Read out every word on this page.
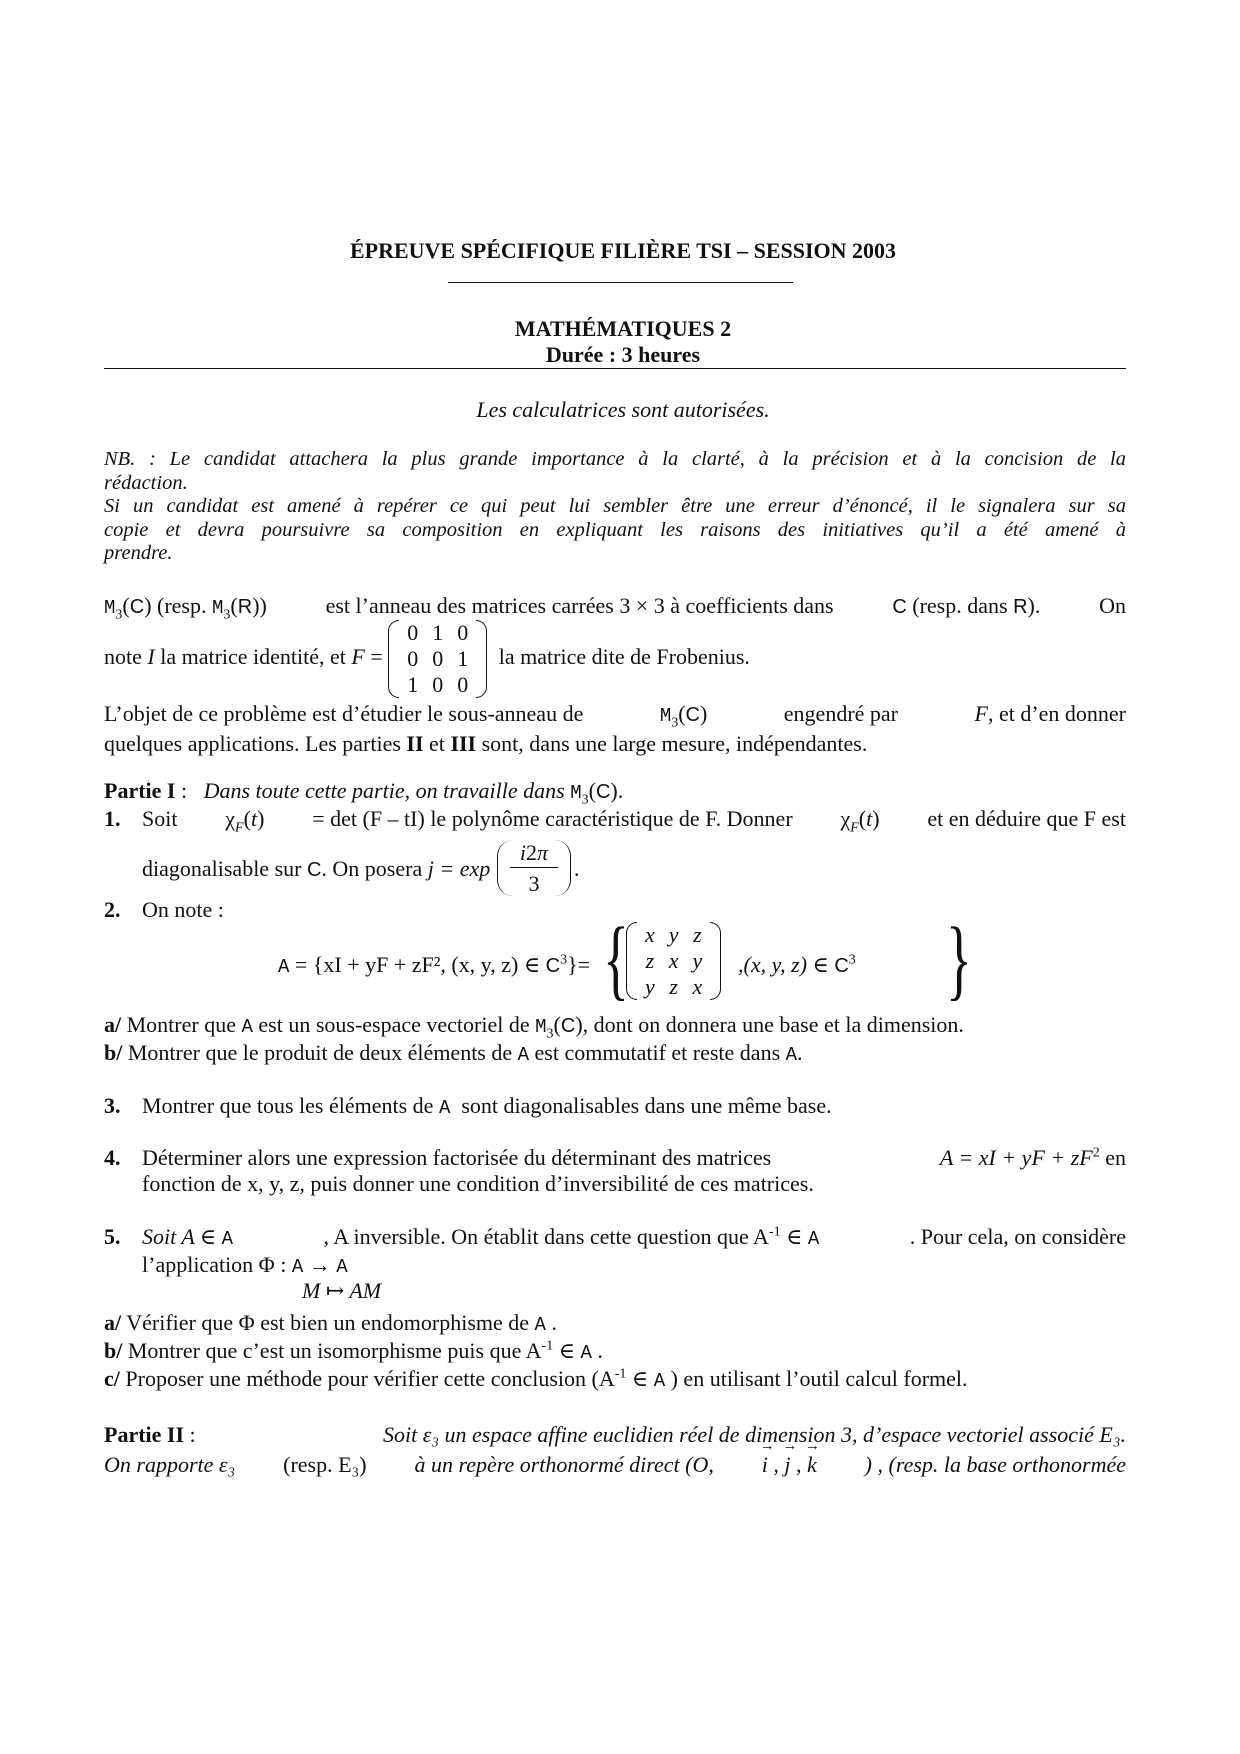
ÉPREUVE SPÉCIFIQUE FILIÈRE TSI – SESSION 2003
MATHÉMATIQUES 2
Durée : 3 heures
Les calculatrices sont autorisées.
NB. : Le candidat attachera la plus grande importance à la clarté, à la précision et à la concision de la
rédaction.
Si un candidat est amené à repérer ce qui peut lui sembler être une erreur d’énoncé, il le signalera sur sa
copie et devra poursuivre sa composition en expliquant les raisons des initiatives qu’il a été amené à
prendre.
$M_3(C)$ (resp. $M_3(R)$)	est l’anneau des matrices carrées 3 × 3 à coefficients dans	C (resp. dans R).	On
note I la matrice identité, et F =
0	1	0
0	0	1
1	0	0
la matrice dite de Frobenius.
L’objet de ce problème est d’étudier le sous-anneau de	$M_3(C)$	engendré par	F, et d’en donner
quelques applications. Les parties II et III sont, dans une large mesure, indépendantes.
Partie I :   Dans toute cette partie, on travaille dans $M_3(C)$.
1. Soit $\chi_F(t) = \det (F - tI)$ le polynôme caractéristique de F. Donner $\chi_F(t)$ et en déduire que F est
diagonalisable sur C. On posera j = exp
i2π
3
.
2. On note :
A = {xI + yF + zF², (x, y, z) ∈ $C^3\}=$ { x	y	z
z	x	y
y	z	x
,(x, y, z) ∈ $C^3$ }
a/ Montrer que A est un sous-espace vectoriel de $M_3(C)$, dont on donnera une base et la dimension.
b/ Montrer que le produit de deux éléments de A est commutatif et reste dans A.
3. Montrer que tous les éléments de A sont diagonalisables dans une même base.
4. Déterminer alors une expression factorisée du déterminant des matrices	A = xI + yF + $zF^2$ en
fonction de x, y, z, puis donner une condition d’inversibilité de ces matrices.
5. Soit A ∈ A	, A inversible. On établit dans cette question que $A^{-1}$ ∈ A	. Pour cela, on considère
l’application Φ : A → A
M ↦ AM
a/ Vérifier que Φ est bien un endomorphisme de A .
b/ Montrer que c’est un isomorphisme puis que $A^{-1}$ ∈ A .
c/ Proposer une méthode pour vérifier cette conclusion ($A^{-1}$ ∈ A ) en utilisant l’outil calcul formel.
Partie II :	Soit ε₃ un espace affine euclidien réel de dimension 3, d’espace vectoriel associé E₃.
On rapporte ε₃ (resp. E₃) à un repère orthonormé direct (O, → i , → j , → k ) , (resp. la base orthonormée
